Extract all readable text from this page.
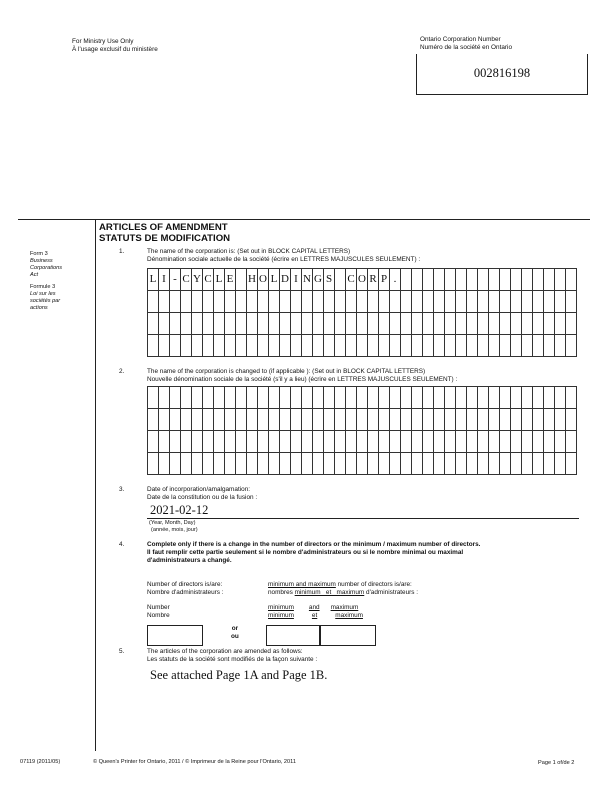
For Ministry Use Only
À l'usage exclusif du ministère
Ontario Corporation Number
Numéro de la société en Ontario
002816198
ARTICLES OF AMENDMENT
STATUTS DE MODIFICATION
Form 3
Business
Corporations
Act
Formule 3
Loi sur les
sociétés par
actions
1.	The name of the corporation is: (Set out in BLOCK CAPITAL LETTERS)
Dénomination sociale actuelle de la société (écrire en LETTRES MAJUSCULES SEULEMENT) :
L	I	-	C	Y	C	L	E		H	O	L	D	I	N	G	S		C	O	R	P	.																

2.	The name of the corporation is changed to (if applicable ): (Set out in BLOCK CAPITAL LETTERS)
Nouvelle dénomination sociale de la société (s'il y a lieu) (écrire en LETTRES MAJUSCULES SEULEMENT) :

3.	Date of incorporation/amalgamation:
Date de la constitution ou de la fusion :
2021-02-12
(Year, Month, Day)
(année, mois, jour)
4.	Complete only if there is a change in the number of directors or the minimum / maximum number of directors.
Il faut remplir cette partie seulement si le nombre d'administrateurs ou si le nombre minimal ou maximal
d'administrateurs a changé.
Number of directors is/are:
Nombre d'administrateurs :
minimum and maximum number of directors is/are:
nombres minimum   et   maximum d'administrateurs :
Number
Nombre
minimum and maximum
minimum	et	maximum
or
ou
5.	The articles of the corporation are amended as follows:
Les statuts de la société sont modifiés de la façon suivante :
See attached Page 1A and Page 1B.
07119 (2011/05)	© Queen's Printer for Ontario, 2011 / © Imprimeur de la Reine pour l'Ontario, 2011	Page 1 of/de 2
